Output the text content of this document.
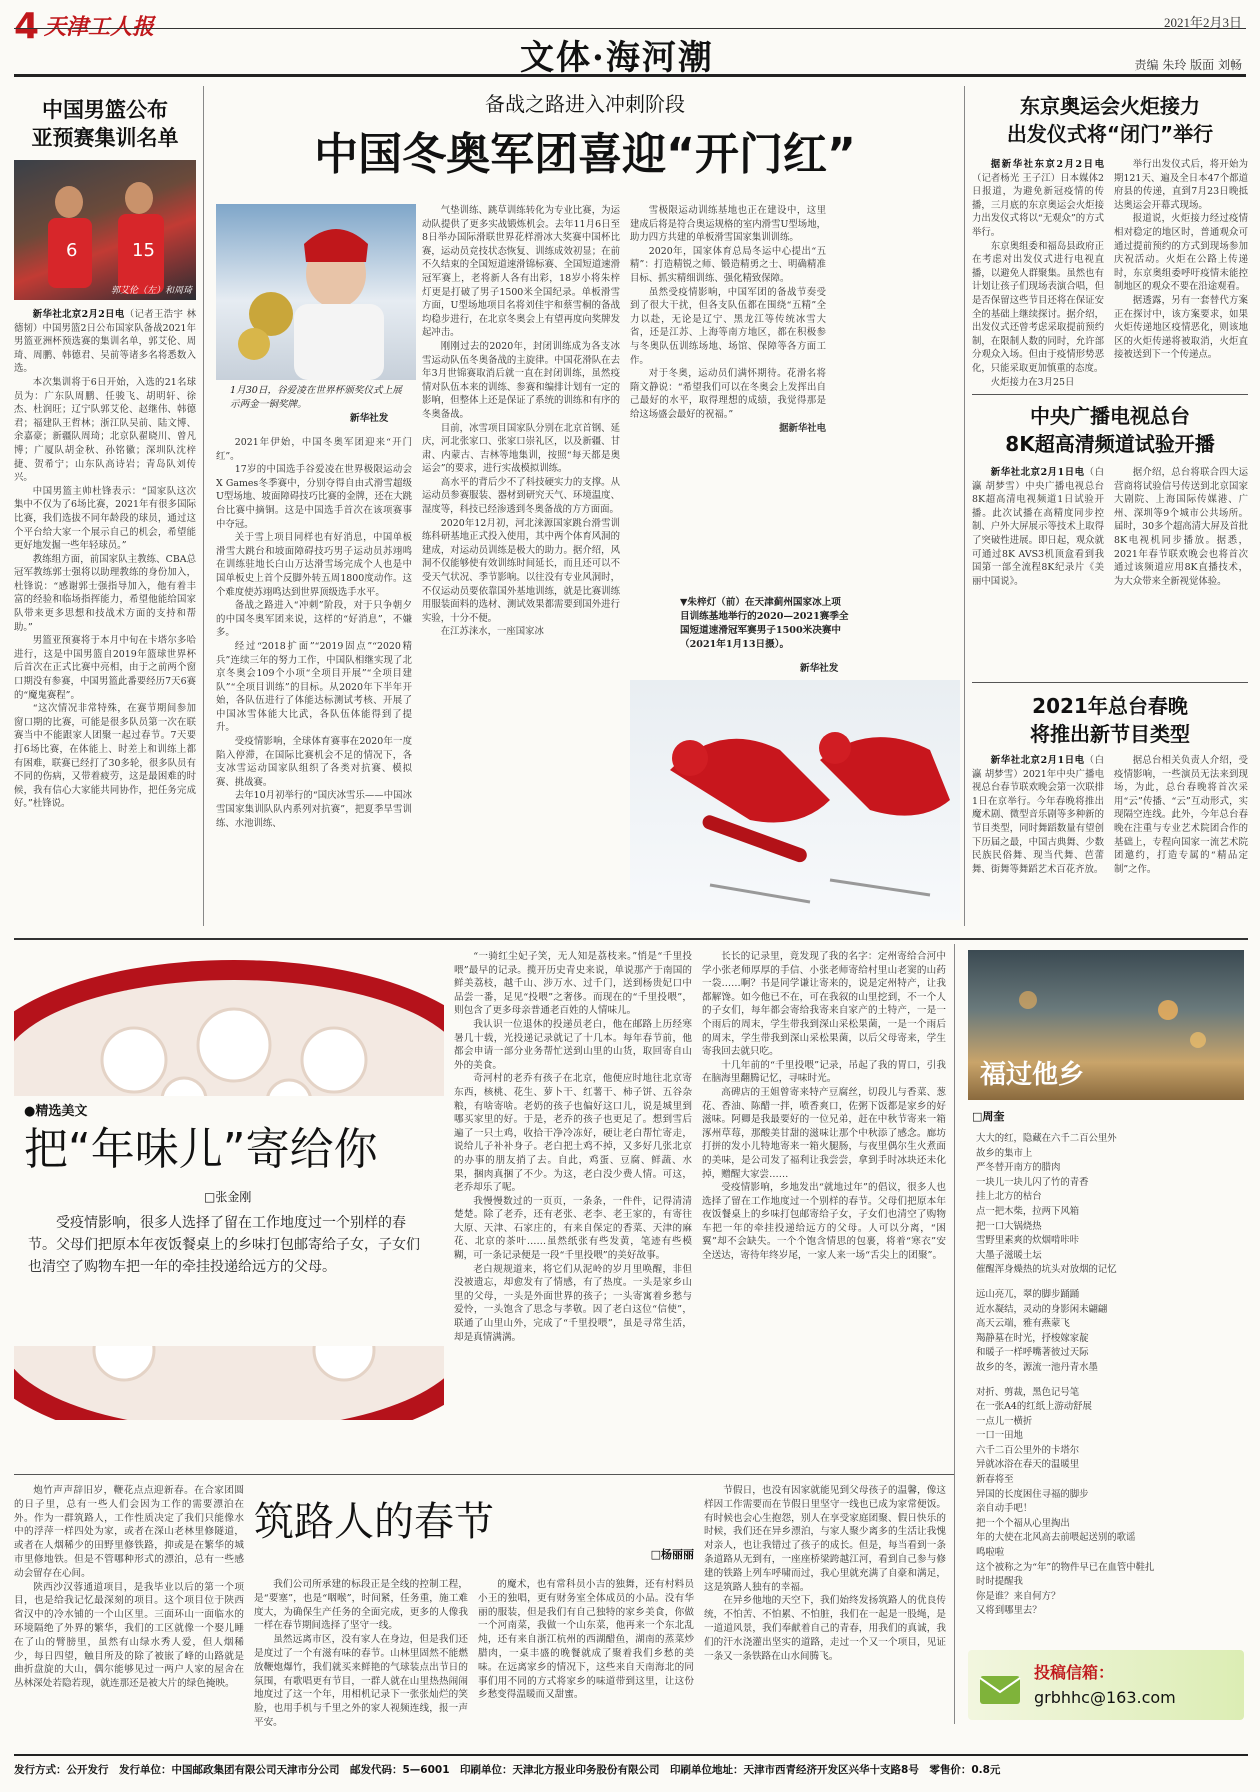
4 天津工人报	2021年2月3日
文体·海河潮	责编 朱玲 版面 刘畅
中国男篮公布
亚预赛集训名单
6	15
郭艾伦（左）和周琦

新华社北京2月2日电（记者王浩宇 林德韧）中国男篮2日公布国家队备战2021年男篮亚洲杯预选赛的集训名单，郭艾伦、周琦、周鹏、韩德君、吴前等诸多名将悉数入选。

本次集训将于6日开始，入选的21名球员为：广东队周鹏、任骏飞、胡明轩、徐杰、杜润旺；辽宁队郭艾伦、赵继伟、韩德君；福建队王哲林；浙江队吴前、陆文博、余嘉豪；新疆队周琦；北京队翟晓川、曾凡博；广厦队胡金秋、孙铭徽；深圳队沈梓捷、贺希宁；山东队高诗岩；青岛队刘传兴。

中国男篮主帅杜锋表示：“国家队这次集中不仅为了6场比赛，2021年有很多国际比赛，我们选拔不同年龄段的球员，通过这个平台给大家一个展示自己的机会，希望能更好地发掘一些年轻球员。”

教练组方面，前国家队主教练、CBA总冠军教练郭士强将以助理教练的身份加入，杜锋说：“感谢郭士强指导加入，他有着丰富的经验和临场指挥能力，希望他能给国家队带来更多思想和技战术方面的支持和帮助。”

男篮亚预赛将于本月中旬在卡塔尔多哈进行，这是中国男篮自2019年篮球世界杯后首次在正式比赛中亮相，由于之前两个窗口期没有参赛，中国男篮此番要经历7天6赛的“魔鬼赛程”。

“这次情况非常特殊，在赛节期间参加窗口期的比赛，可能是很多队员第一次在联赛当中不能跟家人团聚一起过春节。7天要打6场比赛，在体能上、时差上和训练上都有困难，联赛已经打了30多轮，很多队员有不同的伤病，又带着疲劳，这是最困难的时候，我有信心大家能共同协作，把任务完成好。”杜锋说。

备战之路进入冲刺阶段
中国冬奥军团喜迎“开门红”
1月30日，谷爱凌在世界杯颁奖仪式上展示两金一铜奖牌。
新华社发

2021年伊始，中国冬奥军团迎来“开门红”。

17岁的中国选手谷爱凌在世界极限运动会X Games冬季赛中，分别夺得自由式滑雪超级U型场地、坡面障碍技巧比赛的金牌，还在大跳台比赛中摘铜。这是中国选手首次在该项赛事中夺冠。

关于雪上项目同样也有好消息，中国单板滑雪大跳台和坡面障碍技巧男子运动员苏翊鸣在训练驻地长白山万达滑雪场完成个人也是中国单板史上首个反脚外转五周1800度动作。这个难度使苏翊鸣达到世界顶级选手水平。

备战之路进入“冲刺”阶段，对于只争朝夕的中国冬奥军团来说，这样的“好消息”，不嫌多。

经过“2018扩面”“2019固点”“2020精兵”连续三年的努力工作，中国队相继实现了北京冬奥会109个小项“全项目开展”“全项目建队”“全项目训练”的目标。从2020年下半年开始，各队伍进行了体能达标测试考核、开展了中国冰雪体能大比武，各队伍体能得到了提升。

受疫情影响，全球体育赛事在2020年一度陷入停滞，在国际比赛机会不足的情况下，各支冰雪运动国家队组织了各类对抗赛、模拟赛、挑战赛。

去年10月初举行的“国庆冰雪乐——中国冰雪国家集训队队内系列对抗赛”，把夏季旱雪训练、水池训练、

气垫训练、跳草训练转化为专业比赛，为运动队提供了更多实战锻炼机会。去年11月6日至8日举办国际滑联世界花样滑冰大奖赛中国杯比赛，运动员竞技状态恢复、训练成效初显；在前不久结束的全国短道速滑锦标赛、全国短道速滑冠军赛上，老将新人各有出彩，18岁小将朱梓灯更是打破了男子1500米全国纪录。单板滑雪方面，U型场地项目名将刘佳宇和蔡雪桐的备战均稳步进行，在北京冬奥会上有望再度向奖牌发起冲击。

刚刚过去的2020年，封闭训练成为各支冰雪运动队伍冬奥备战的主旋律。中国花滑队在去年3月世锦赛取消后就一直在封闭训练，虽然疫情对队伍本来的训练、参赛和编排计划有一定的影响，但整体上还是保证了系统的训练和有序的冬奥备战。

目前，冰雪项目国家队分别在北京首钢、延庆，河北张家口、张家口崇礼区，以及新疆、甘肃、内蒙古、吉林等地集训，按照“每天都是奥运会”的要求，进行实战模拟训练。

高水平的背后少不了科技硬实力的支撑。从运动员参赛服装、器材到研究天气、环境温度、湿度等，科技已经渗透到冬奥备战的方方面面。

2020年12月初，河北涞源国家跳台滑雪训练科研基地正式投入使用，其中两个体育风洞的建成，对运动员训练是极大的助力。据介绍，风洞不仅能够使有效训练时间延长，而且还可以不受天气状况、季节影响。以往没有专业风洞时，不仅运动员要依靠国外基地训练，就是比赛训练用服装面料的选材、测试效果都需要到国外进行实验，十分不便。

在江苏涞水，一座国家冰

雪极限运动训练基地也正在建设中，这里建成后将是符合奥运规格的室内滑雪U型场地，助力四方共建的单板滑雪国家集训训练。

2020年，国家体育总局冬运中心提出“五精”：打造精锐之师、锻造精勇之士、明确精准目标、抓实精细训练、强化精致保障。

虽然受疫情影响，中国军团的备战节奏受到了很大干扰，但各支队伍都在围绕“五精”全力以赴，无论是辽宁、黑龙江等传统冰雪大省，还是江苏、上海等南方地区，都在积极参与冬奥队伍训练场地、场馆、保障等各方面工作。

对于冬奥，运动员们满怀期待。花滑名将隋文静说：“希望我们可以在冬奥会上发挥出自己最好的水平，取得理想的成绩，我觉得那是给这场盛会最好的祝福。”

据新华社电

▼朱梓灯（前）在天津蓟州国家冰上项目训练基地举行的2020—2021赛季全国短道速滑冠军赛男子1500米决赛中（2021年1月13日摄）。
新华社发
东京奥运会火炬接力
出发仪式将“闭门”举行

据新华社东京2月2日电（记者杨光 王子江）日本媒体2日报道，为避免新冠疫情的传播，三月底的东京奥运会火炬接力出发仪式将以“无观众”的方式举行。

东京奥组委和福岛县政府正在考虑对出发仪式进行电视直播，以避免人群聚集。虽然也有计划让孩子们现场表演合唱，但是否保留这些节目还将在保证安全的基础上继续探讨。据介绍，出发仪式还曾考虑采取提前预约制，在限制人数的同时，允许部分观众入场。但由于疫情形势恶化，只能采取更加慎重的态度。

火炬接力在3月25日

举行出发仪式后，将开始为期121天、遍及全日本47个都道府县的传递，直到7月23日晚抵达奥运会开幕式现场。

报道说，火炬接力经过疫情相对稳定的地区时，普通观众可通过提前预约的方式到现场参加庆祝活动。火炬在公路上传递时，东京奥组委呼吁疫情未能控制地区的观众不要在沿途观看。

据透露，另有一套替代方案正在探讨中，该方案要求，如果火炬传递地区疫情恶化，则该地区的火炬传递将被取消，火炬直接被送到下一个传递点。

中央广播电视总台
8K超高清频道试验开播

新华社北京2月1日电（白瀛 胡梦雪）中央广播电视总台8K超高清电视频道1日试验开播。此次试播在高精度同步控制、户外大屏展示等技术上取得了突破性进展。即日起，观众就可通过8K AVS3机顶盒看到我国第一部全流程8K纪录片《美丽中国说》。

据介绍，总台将联合四大运营商将试验信号传送到北京国家大剧院、上海国际传媒港、广州、深圳等9个城市公共场所。届时，30多个超高清大屏及首批8K电视机同步播放。据悉，2021年春节联欢晚会也将首次通过该频道应用8K直播技术，为大众带来全新视觉体验。

2021年总台春晚
将推出新节目类型

新华社北京2月1日电（白瀛 胡梦雪）2021年中央广播电视总台春节联欢晚会第一次联排1日在京举行。今年春晚将推出魔术剧、微型音乐剧等多种新的节目类型，同时舞蹈数量有望创下历届之最，中国古典舞、少数民族民俗舞、现当代舞、芭蕾舞、街舞等舞蹈艺术百花齐放。

据总台相关负责人介绍，受疫情影响，一些演员无法来到现场，为此，总台春晚将首次采用“云”传播、“云”互动形式，实现隔空连线。此外，今年总台春晚在注重与专业艺术院团合作的基础上，专程向国家一流艺术院团邀约，打造专属的“精品定制”之作。

●精选美文
把“年味儿”寄给你
□张金刚
受疫情影响，很多人选择了留在工作地度过一个别样的春节。父母们把原本年夜饭餐桌上的乡味打包邮寄给子女，子女们也清空了购物车把一年的牵挂投递给远方的父母。

“一骑红尘妃子笑，无人知是荔枝来。”悄是“千里投喂”最早的记录。揽开历史青史来说，单说那产于南国的鲜美荔枝，越千山、涉万水、过千门，送到杨贵妃口中品尝一番，足见“投喂”之奢侈。而现在的“千里投喂”，则包含了更多母亲普通老百姓的人情味儿。

我认识一位退休的投递员老白，他在邮路上历经寒暑几十载，光投递记录就记了十几本。每年春节前，他都会申请一部分业务帮忙送到山里的山货，取回寄自山外的美食。

奇河村的老乔有孩子在北京，他便应时地往北京寄东西，核桃、花生、萝卜干、红薯干、柿子饼、五谷杂粮，有啥寄啥。老奶的孩子也偏好这口儿，说是城里到哪买家里的好。于是，老乔的孩子也更足了。想到雪后遍了一只土鸡，收拾干净冷冻好，硬让老白帮忙寄走，说给儿子补补身子。老白把土鸡不掉，又多好几张北京的办事的朋友捎了去。自此，鸡蛋、豆腐、鲜蔬、水果，捆肉真捆了不少。为这，老白没少费人情。可这，老乔却乐了呢。

我慢慢数过的一页页，一条条，一件件，记得清清楚楚。除了老乔，还有老张、老李、老王家的，有寄往大原、天津、石家庄的，有来自保定的香菜、天津的麻花、北京的茶叶……虽然纸张有些发黄，笔迹有些模糊，可一条记录便是一段“千里投喂”的美好故事。

老白规规道来，将它们从泥岭的岁月里唤醒，非但没被遗忘，却愈发有了情感，有了热度。一头是家乡山里的父母，一头是外面世界的孩子；一头寄寓着乡愁与爱怜，一头饱含了思念与孝敬。因了老白这位“信使”，联通了山里山外，完成了“千里投喂”，虽是寻常生活，却是真情满满。

长长的记录里，竟发现了我的名字：定州寄给合河中学小张老师厚厚的手信、小张老师寄给村里山老窦的山药一袋……啊？书是同学谦让寄来的，说是定州特产，让我都解馋。如今他已不在，可在我叙的山里挖到，不一个人的子女们，每年都会寄给我寄来自家产的土特产，一是一个雨后的周末，学生带我到深山采松果菌，一是一个雨后的周末，学生带我到深山采松果菌，以后父母寄来，学生寄我回去就只吃。

十几年前的“千里投喂”记录，吊起了我的胃口，引我在脑海里翻腾记忆，寻味时光。

高碑店的王姐曾寄来特产豆腐丝，切段儿与香菜、葱花、香油、陈醋一拌，喷香爽口，佐粥下饭都是家乡的好滋味。阿卿是我最要好的一位兄弟，赶在中秋节寄来一箱涿州草莓，那酸美甘甜的滋味让那个中秋添了感念。廊坊打拼的发小儿特地寄来一箱火腿肠，与夜里偶尔生火煮面的美味，是公司发了福利让我尝尝，拿到手时冰块还未化掉，赠醒大家尝……

受疫情影响，乡地发出“就地过年”的倡议，很多人也选择了留在工作地度过一个别样的春节。父母们把原本年夜饭餐桌上的乡味打包邮寄给子女，子女们也清空了购物车把一年的牵挂投递给远方的父母。人可以分离，“困翼”却不会缺失。一个个饱含情思的包裹，将着“寒衣”安全送达，寄待年终岁尾，一家人来一场“舌尖上的团聚”。

福过他乡
□周奎
大大的红，隐藏在六千二百公里外
故乡的集市上
严冬替开南方的腊肉
一块儿一块儿闪了竹的青香
挂上北方的枯台
点一把木柴，拉两下风箱
把一口大锅烧热
雪野里素爽的炊烟啃咔咔
大墨子滋暖土坛
催醒浑身燥热的坑头对放烟的记忆
远山亮兀，翠的脚步踊踊
近水凝结，灵动的身影闲未翩翩
高天云端，雅有燕蒙飞
羯静墓在时光，抒梭嫁家靛
和暖子一样呼嘴著彼过天际
故乡的冬，源流一池丹青水墨
对折、剪裁，黑色记号笔
在一张A4的红纸上游动舒展
一点儿一横折
一口一田地
六千二百公里外的卡塔尔
异就冰浴在春天的温暖里
新春将至
异国的长度困住寻福的脚步
亲自动手吧！
把一个个福从心里掏出
年的大使在北风高去前喂起送别的歌谣
鸣啦啦
这个被称之为“年”的物件早已在血管中鞋扎
时时提醒我
你是谁？来自何方？
又将到哪里去？
投稿信箱：
grbhhc@163.com

炮竹声声辞旧岁，鞭花点点迎新春。在合家团圆的日子里，总有一些人们会因为工作的需要漂泊在外。作为一群筑路人，工作性质决定了我们只能像水中的浮萍一样四处为家，或者在深山老林里修隧道，或者在人烟稀少的田野里修铁路，抑或是在繁华的城市里修地铁。但是不管哪种形式的漂泊，总有一些感动会留存在心间。

陕西沙汉蓉通道项目，是我毕业以后的第一个项目，也是给我记忆最深刻的项目。这个项目位于陕西省汉中的冷水铺的一个山区里。三面环山一面临水的环境隔绝了外界的繁华，我们的工区就像一个娶儿睡在了山的臂膀里，虽然有山绿水秀人爱，但人烟稀少，每日四望，触目所及的除了被嵌了峰的山路就是曲折盘旋的大山，偶尔能够见过一两户人家的屋舍在丛林深处若隐若现，就连那还是被大片的绿色掩映。

筑路人的春节
□杨丽丽

我们公司所承建的标段正是全线的控制工程，是“要塞”，也是“咽喉”，时间紧，任务重，施工难度大，为确保生产任务的全面完成，更多的人像我一样在春节期间选择了坚守一线。

虽然远离市区，没有家人在身边，但是我们还是度过了一个有滋有味的春节。山林里固然不能燃放鞭炮爆竹，我们就买来鲜艳的气球装点出节日的氛围，有歌唱更有节目，一群人就在山里热热闹闹地度过了这一个年，用相机记录下一张张灿烂的笑脸，也用手机与千里之外的家人视频连线，报一声平安。

的魔术，也有常科员小吉的独舞，还有村料员小王的独唱，更有财务室全体成员的小品。没有华丽的服装，但是我们有自己独特的家乡美食，你做一个河南菜，我做一个山东菜，他再来一个东北乱炖，还有来自浙江杭州的西湖醋鱼，湖南的蒸菜炒腊肉，一桌丰盛的晚餐就成了聚着我们乡愁的美味。在远离家乡的情况下，这些来自天南海北的同事们用不同的方式将家乡的味道带到这里，让这份乡愁变得温暖而又甜蜜。

节假日，也没有因家就能见到父母孩子的温馨，像这样因工作需要而在节假日里坚守一线也已成为家常便饭。有时候也会心生抱怨，别人在享受家庭团聚、假日快乐的时候，我们还在异乡漂泊，与家人聚少离多的生活让我愧对亲人，也让我错过了孩子的成长。但是，每当看到一条条道路从无到有，一座座桥梁跨越江河，看到自己参与修建的铁路上列车呼啸而过，我心里就充满了自豪和满足，这是筑路人独有的幸福。

在异乡他地的天空下，我们始终发扬筑路人的优良传统，不怕苦、不怕累、不怕脏，我们在一起是一股绳，是一道道风景，我们奉献着自己的青春，用我们的真诚，我们的汗水浇灌出坚实的道路，走过一个又一个项目，见证一条又一条铁路在山水间腾飞。

发行方式：公开发行　发行单位：中国邮政集团有限公司天津市分公司　邮发代码：5—6001　印刷单位：天津北方报业印务股份有限公司　印刷单位地址：天津市西青经济开发区兴华十支路8号　零售价：0.8元
